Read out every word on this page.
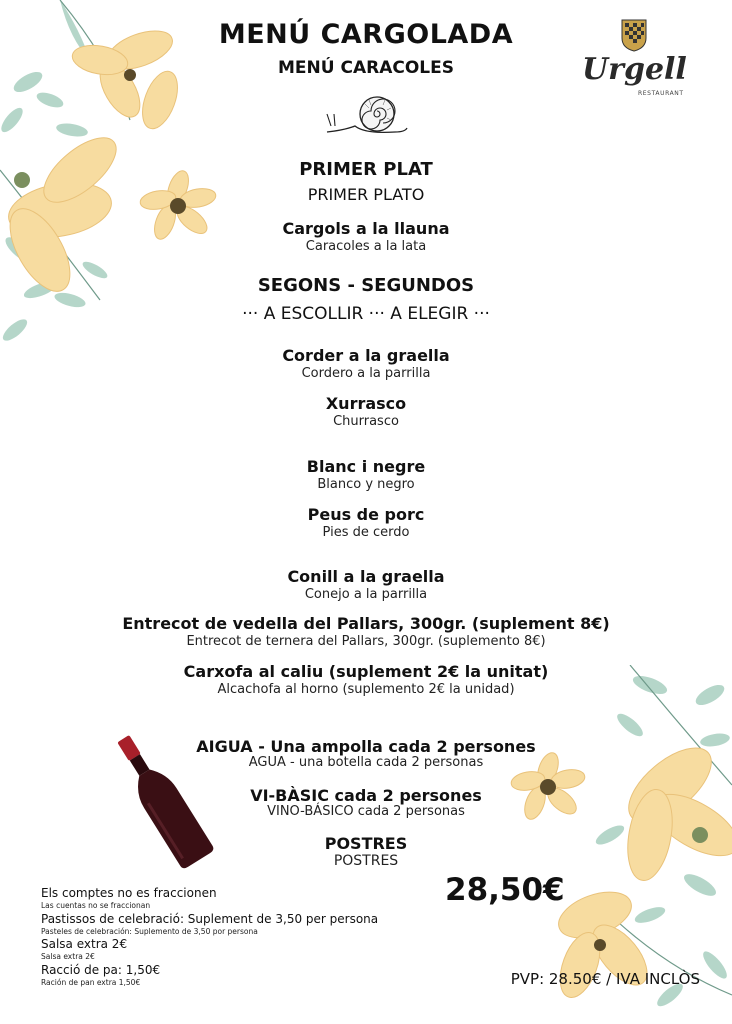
Urgell
RESTAURANT
MENÚ CARGOLADA
MENÚ CARACOLES
PRIMER PLAT
PRIMER PLATO
Cargols a la llauna
Caracoles a la lata
SEGONS - SEGUNDOS
··· A ESCOLLIR ··· A ELEGIR ···
Corder a la graella
Cordero a la parrilla
Xurrasco
Churrasco
Blanc i negre
Blanco y negro
Peus de porc
Pies de cerdo
Conill a la graella
Conejo a la parrilla
Entrecot de vedella del Pallars, 300gr. (suplement 8€)
Entrecot de ternera del Pallars, 300gr. (suplemento 8€)
Carxofa al caliu (suplement 2€ la unitat)
Alcachofa al horno (suplemento 2€ la unidad)
AIGUA - Una ampolla cada 2 persones
AGUA - una botella cada 2 personas
VI-BÀSIC cada 2 persones
VINO-BÁSICO cada 2 personas
POSTRES
POSTRES
28,50€
Els comptes no es fraccionen
Las cuentas no se fraccionan
Pastissos de celebració: Suplement de 3,50 per persona
Pasteles de celebración: Suplemento de 3,50 por persona
Salsa extra 2€
Salsa extra 2€
Racció de pa: 1,50€
Ración de pan extra 1,50€	PVP: 28.50€ / IVA INCLÒS
